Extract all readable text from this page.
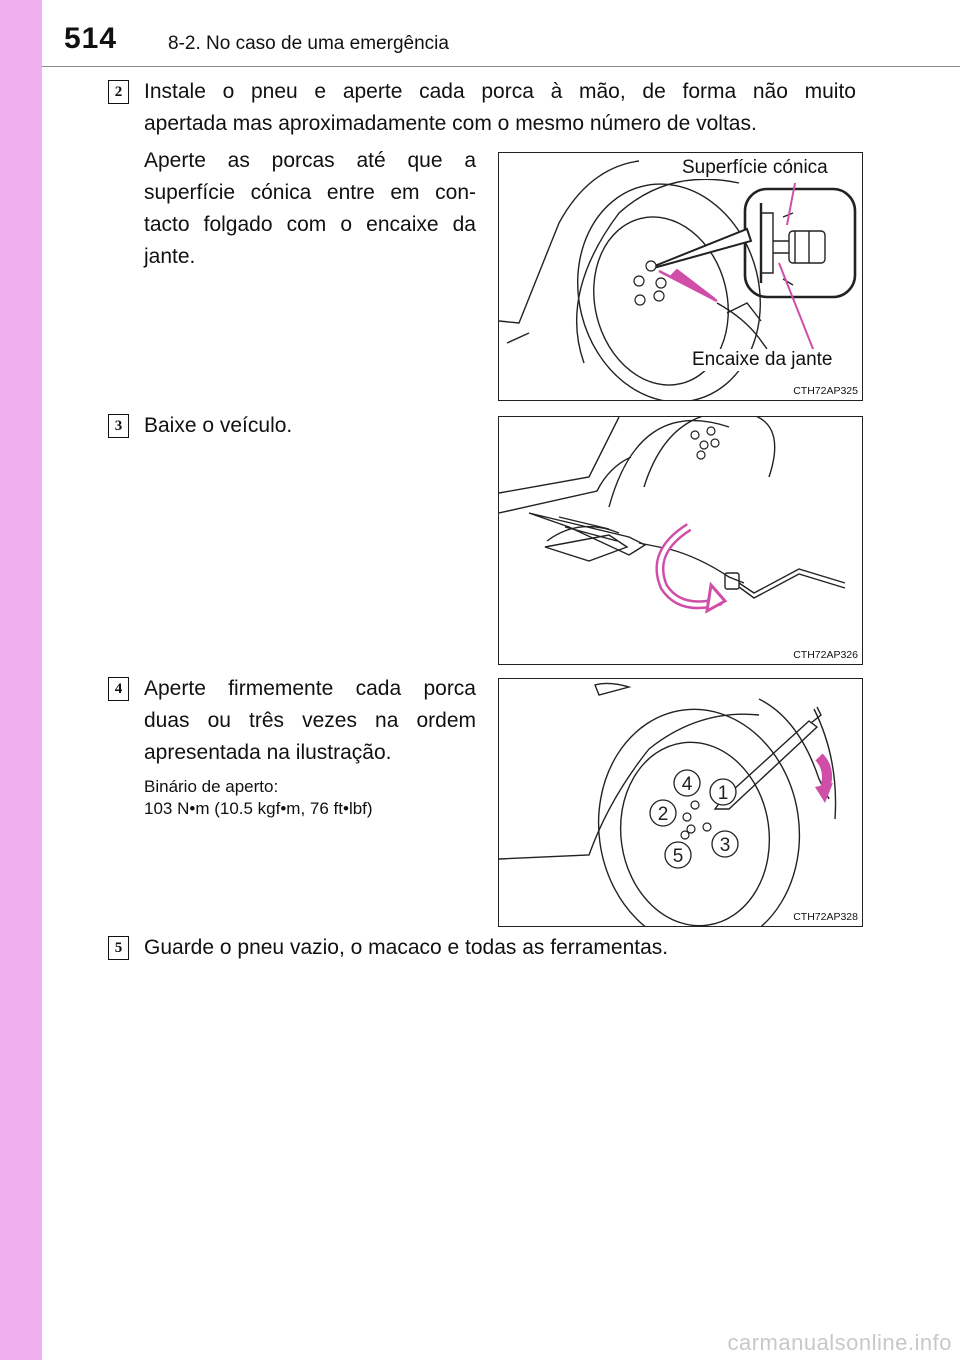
514	8-2. No caso de uma emergência
2	Instale o pneu e aperte cada porca à mão, de forma não muito
apertada mas aproximadamente com o mesmo número de voltas.
Aperte as porcas até que a
superfície cónica entre em con-
tacto folgado com o encaixe da
jante.
Superfície cónica
Encaixe da jante
CTH72AP325
3	Baixe o veículo.
CTH72AP326
4	Aperte firmemente cada porca
duas ou três vezes na ordem
apresentada na ilustração.
Binário de aperto:
103 N•m (10.5 kgf•m, 76 ft•lbf)
4 1
2
3
5
CTH72AP328
5	Guarde o pneu vazio, o macaco e todas as ferramentas.
carmanualsonline.info
